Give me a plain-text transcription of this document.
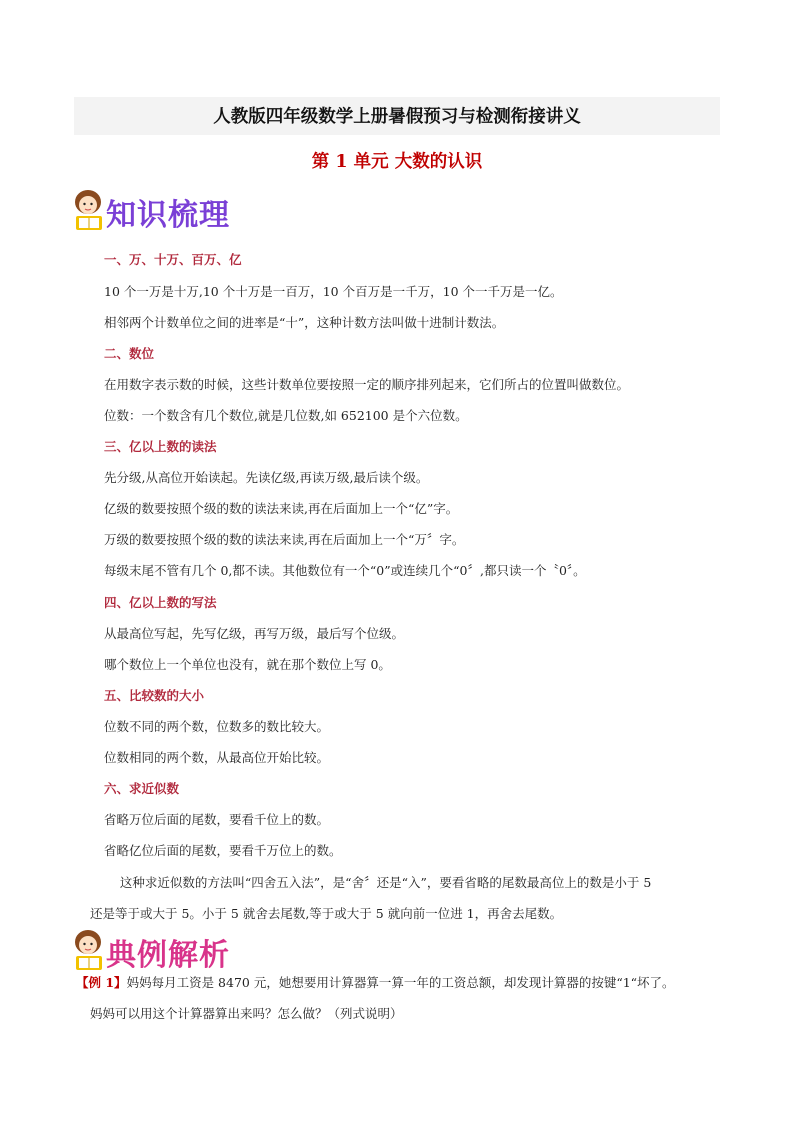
人教版四年级数学上册暑假预习与检测衔接讲义
第 1 单元 大数的认识
知识梳理
一、万、十万、百万、亿
10 个一万是十万,10 个十万是一百万，10 个百万是一千万，10 个一千万是一亿。
相邻两个计数单位之间的进率是“十”，这种计数方法叫做十进制计数法。
二、数位
在用数字表示数的时候，这些计数单位要按照一定的顺序排列起来，它们所占的位置叫做数位。
位数：一个数含有几个数位,就是几位数,如 652100 是个六位数。
三、亿以上数的读法
先分级,从高位开始读起。先读亿级,再读万级,最后读个级。
亿级的数要按照个级的数的读法来读,再在后面加上一个“亿”字。
万级的数要按照个级的数的读法来读,再在后面加上一个“万〞字。
每级末尾不管有几个 0,都不读。其他数位有一个“0”或连续几个“0〞,都只读一个〝0〞。
四、亿以上数的写法
从最高位写起，先写亿级，再写万级，最后写个位级。
哪个数位上一个单位也没有，就在那个数位上写 0。
五、比较数的大小
位数不同的两个数，位数多的数比较大。
位数相同的两个数，从最高位开始比较。
六、求近似数
省略万位后面的尾数，要看千位上的数。
省略亿位后面的尾数，要看千万位上的数。
这种求近似数的方法叫“四舍五入法”，是“舍〞还是“入”，要看省略的尾数最高位上的数是小于 5
还是等于或大于 5。小于 5 就舍去尾数,等于或大于 5 就向前一位进 1，再舍去尾数。
典例解析
【例 1】妈妈每月工资是 8470 元，她想要用计算器算一算一年的工资总额，却发现计算器的按键“1“坏了。
妈妈可以用这个计算器算出来吗？怎么做？（列式说明）
